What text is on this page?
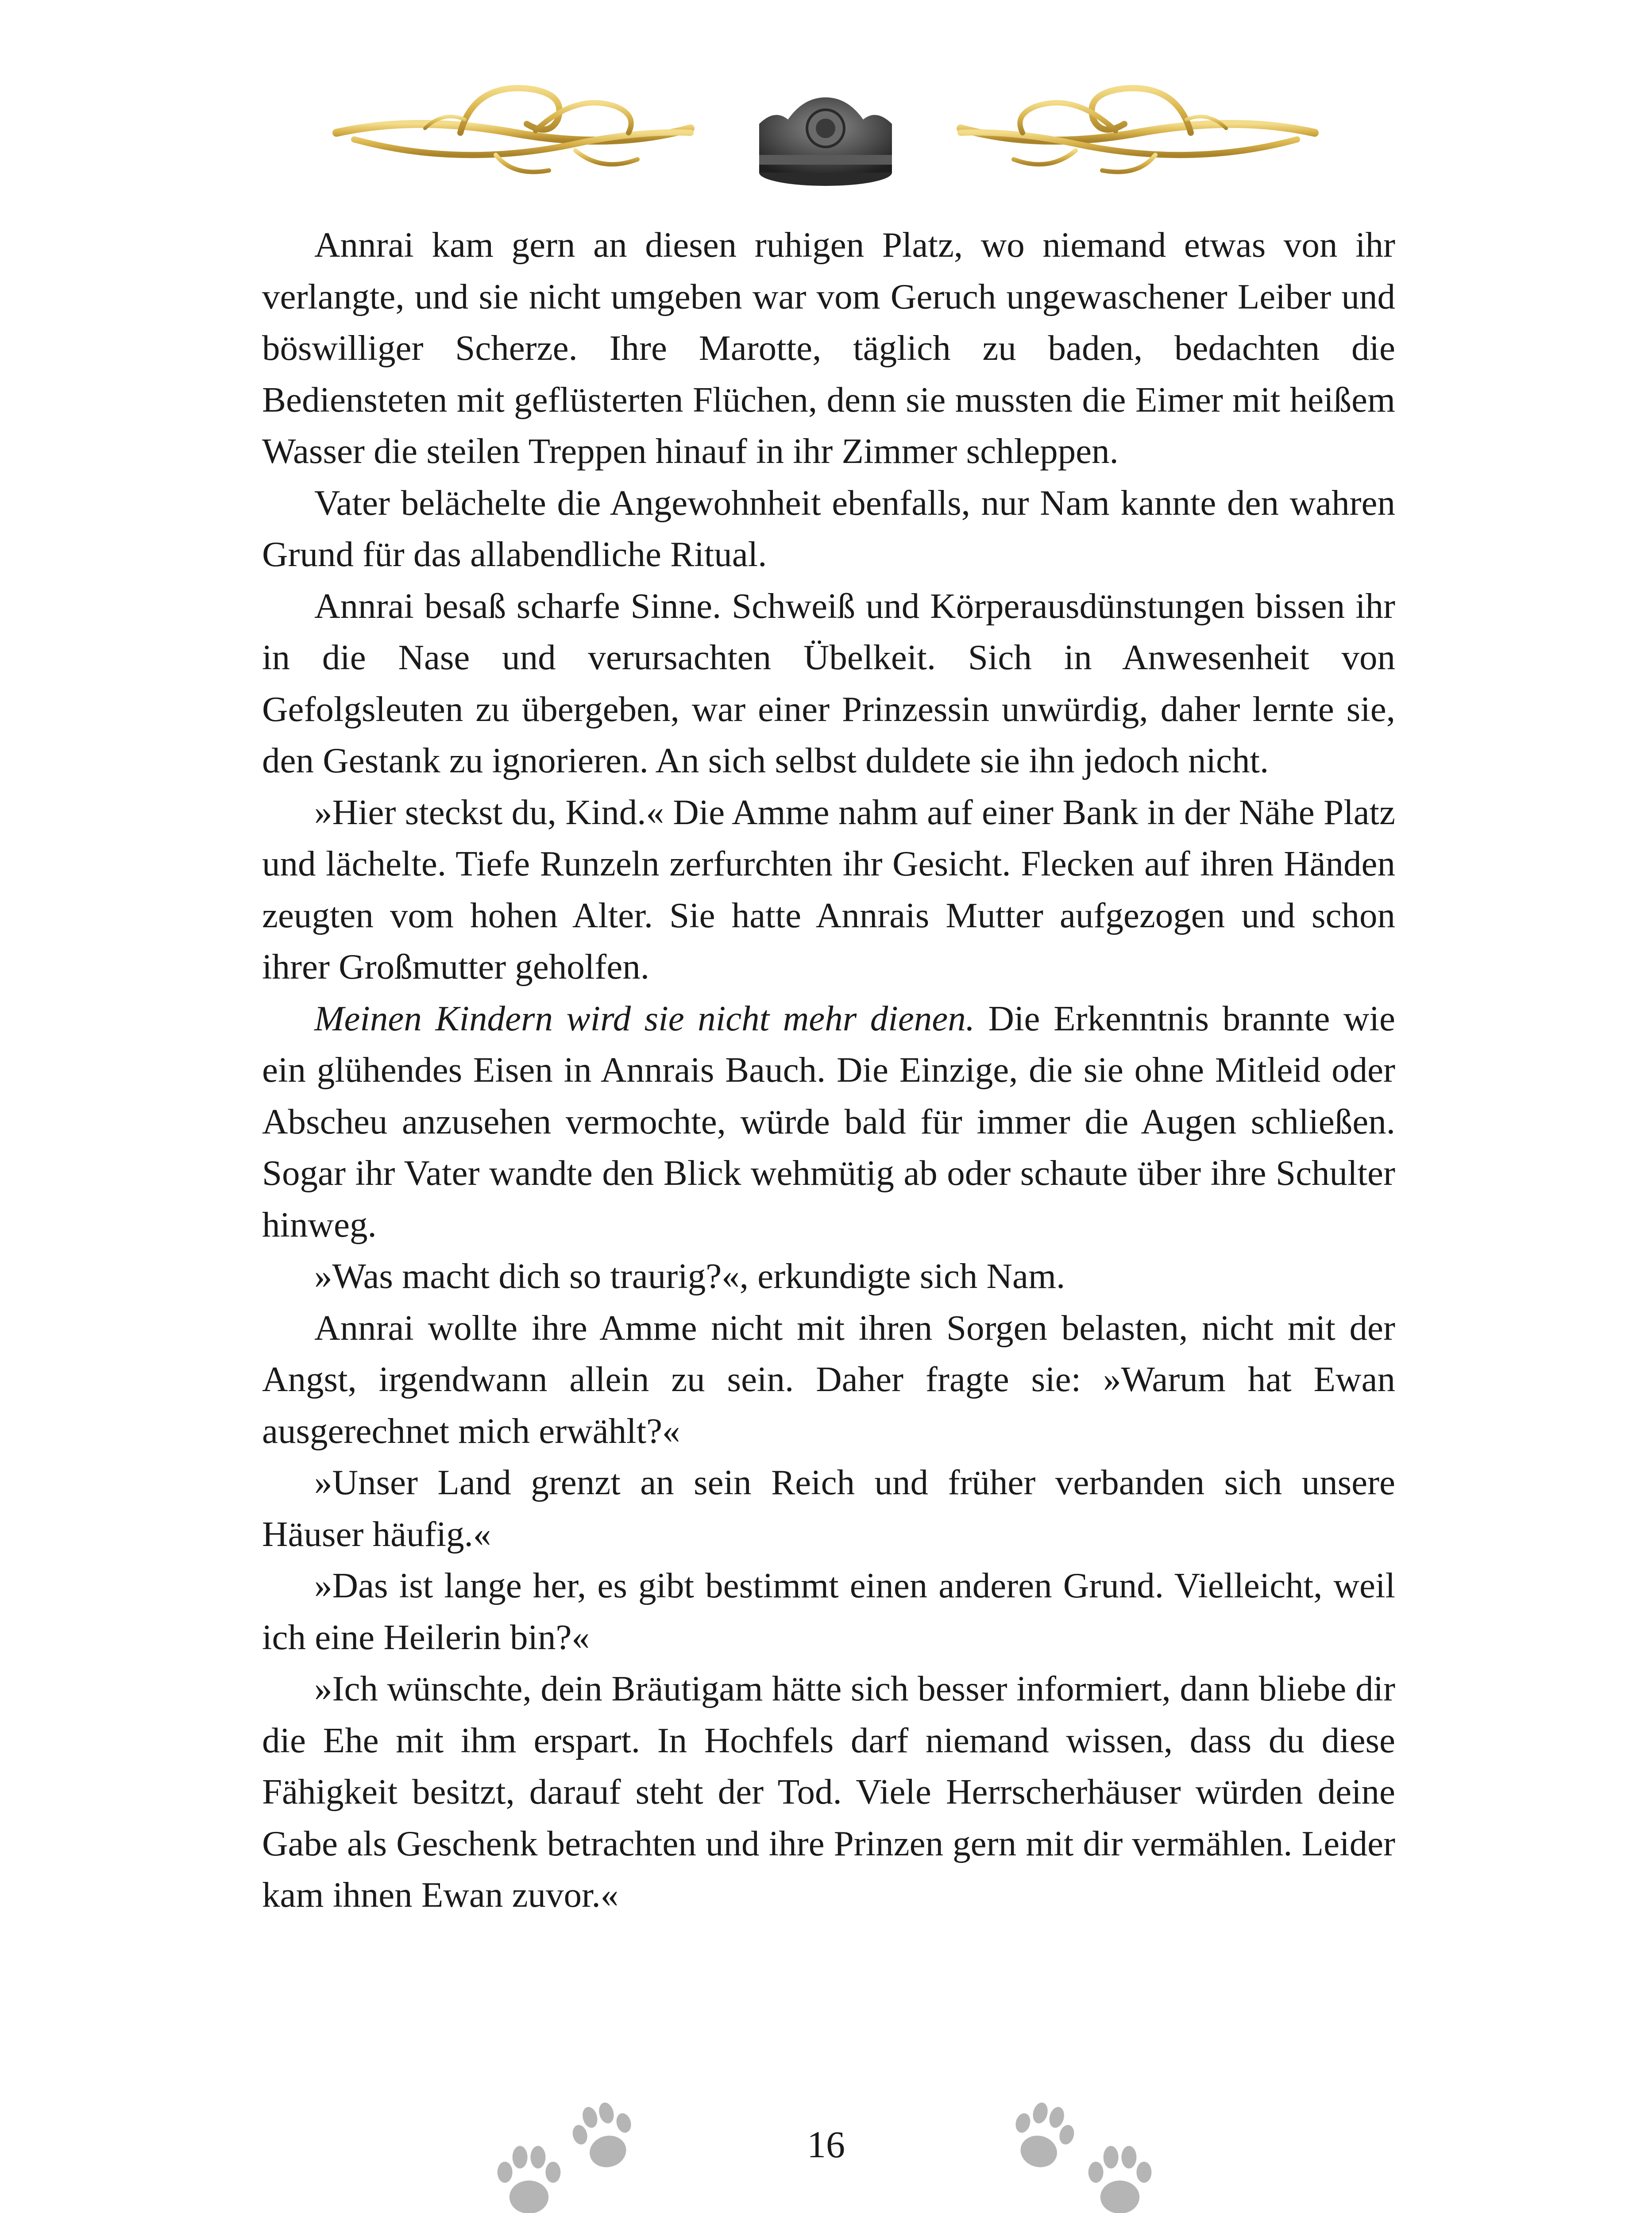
Annrai kam gern an diesen ruhigen Platz, wo niemand etwas von ihr verlangte, und sie nicht umgeben war vom Geruch ungewaschener Leiber und böswilliger Scherze. Ihre Marotte, täglich zu baden, bedachten die Bediensteten mit geflüsterten Flüchen, denn sie mussten die Eimer mit heißem Wasser die steilen Treppen hinauf in ihr Zimmer schleppen.

Vater belächelte die Angewohnheit ebenfalls, nur Nam kannte den wahren Grund für das allabendliche Ritual.

Annrai besaß scharfe Sinne. Schweiß und Körperausdünstungen bissen ihr in die Nase und verursachten Übelkeit. Sich in Anwesenheit von Gefolgsleuten zu übergeben, war einer Prinzessin unwürdig, daher lernte sie, den Gestank zu ignorieren. An sich selbst duldete sie ihn jedoch nicht.

»Hier steckst du, Kind.« Die Amme nahm auf einer Bank in der Nähe Platz und lächelte. Tiefe Runzeln zerfurchten ihr Gesicht. Flecken auf ihren Händen zeugten vom hohen Alter. Sie hatte Annrais Mutter aufgezogen und schon ihrer Großmutter geholfen.

Meinen Kindern wird sie nicht mehr dienen. Die Erkenntnis brannte wie ein glühendes Eisen in Annrais Bauch. Die Einzige, die sie ohne Mitleid oder Abscheu anzusehen vermochte, würde bald für immer die Augen schließen. Sogar ihr Vater wandte den Blick wehmütig ab oder schaute über ihre Schulter hinweg.

»Was macht dich so traurig?«, erkundigte sich Nam.

Annrai wollte ihre Amme nicht mit ihren Sorgen belasten, nicht mit der Angst, irgendwann allein zu sein. Daher fragte sie: »Warum hat Ewan ausgerechnet mich erwählt?«

»Unser Land grenzt an sein Reich und früher verbanden sich unsere Häuser häufig.«

»Das ist lange her, es gibt bestimmt einen anderen Grund. Vielleicht, weil ich eine Heilerin bin?«

»Ich wünschte, dein Bräutigam hätte sich besser informiert, dann bliebe dir die Ehe mit ihm erspart. In Hochfels darf niemand wissen, dass du diese Fähigkeit besitzt, darauf steht der Tod. Viele Herrscherhäuser würden deine Gabe als Geschenk betrachten und ihre Prinzen gern mit dir vermählen. Leider kam ihnen Ewan zuvor.«

16
